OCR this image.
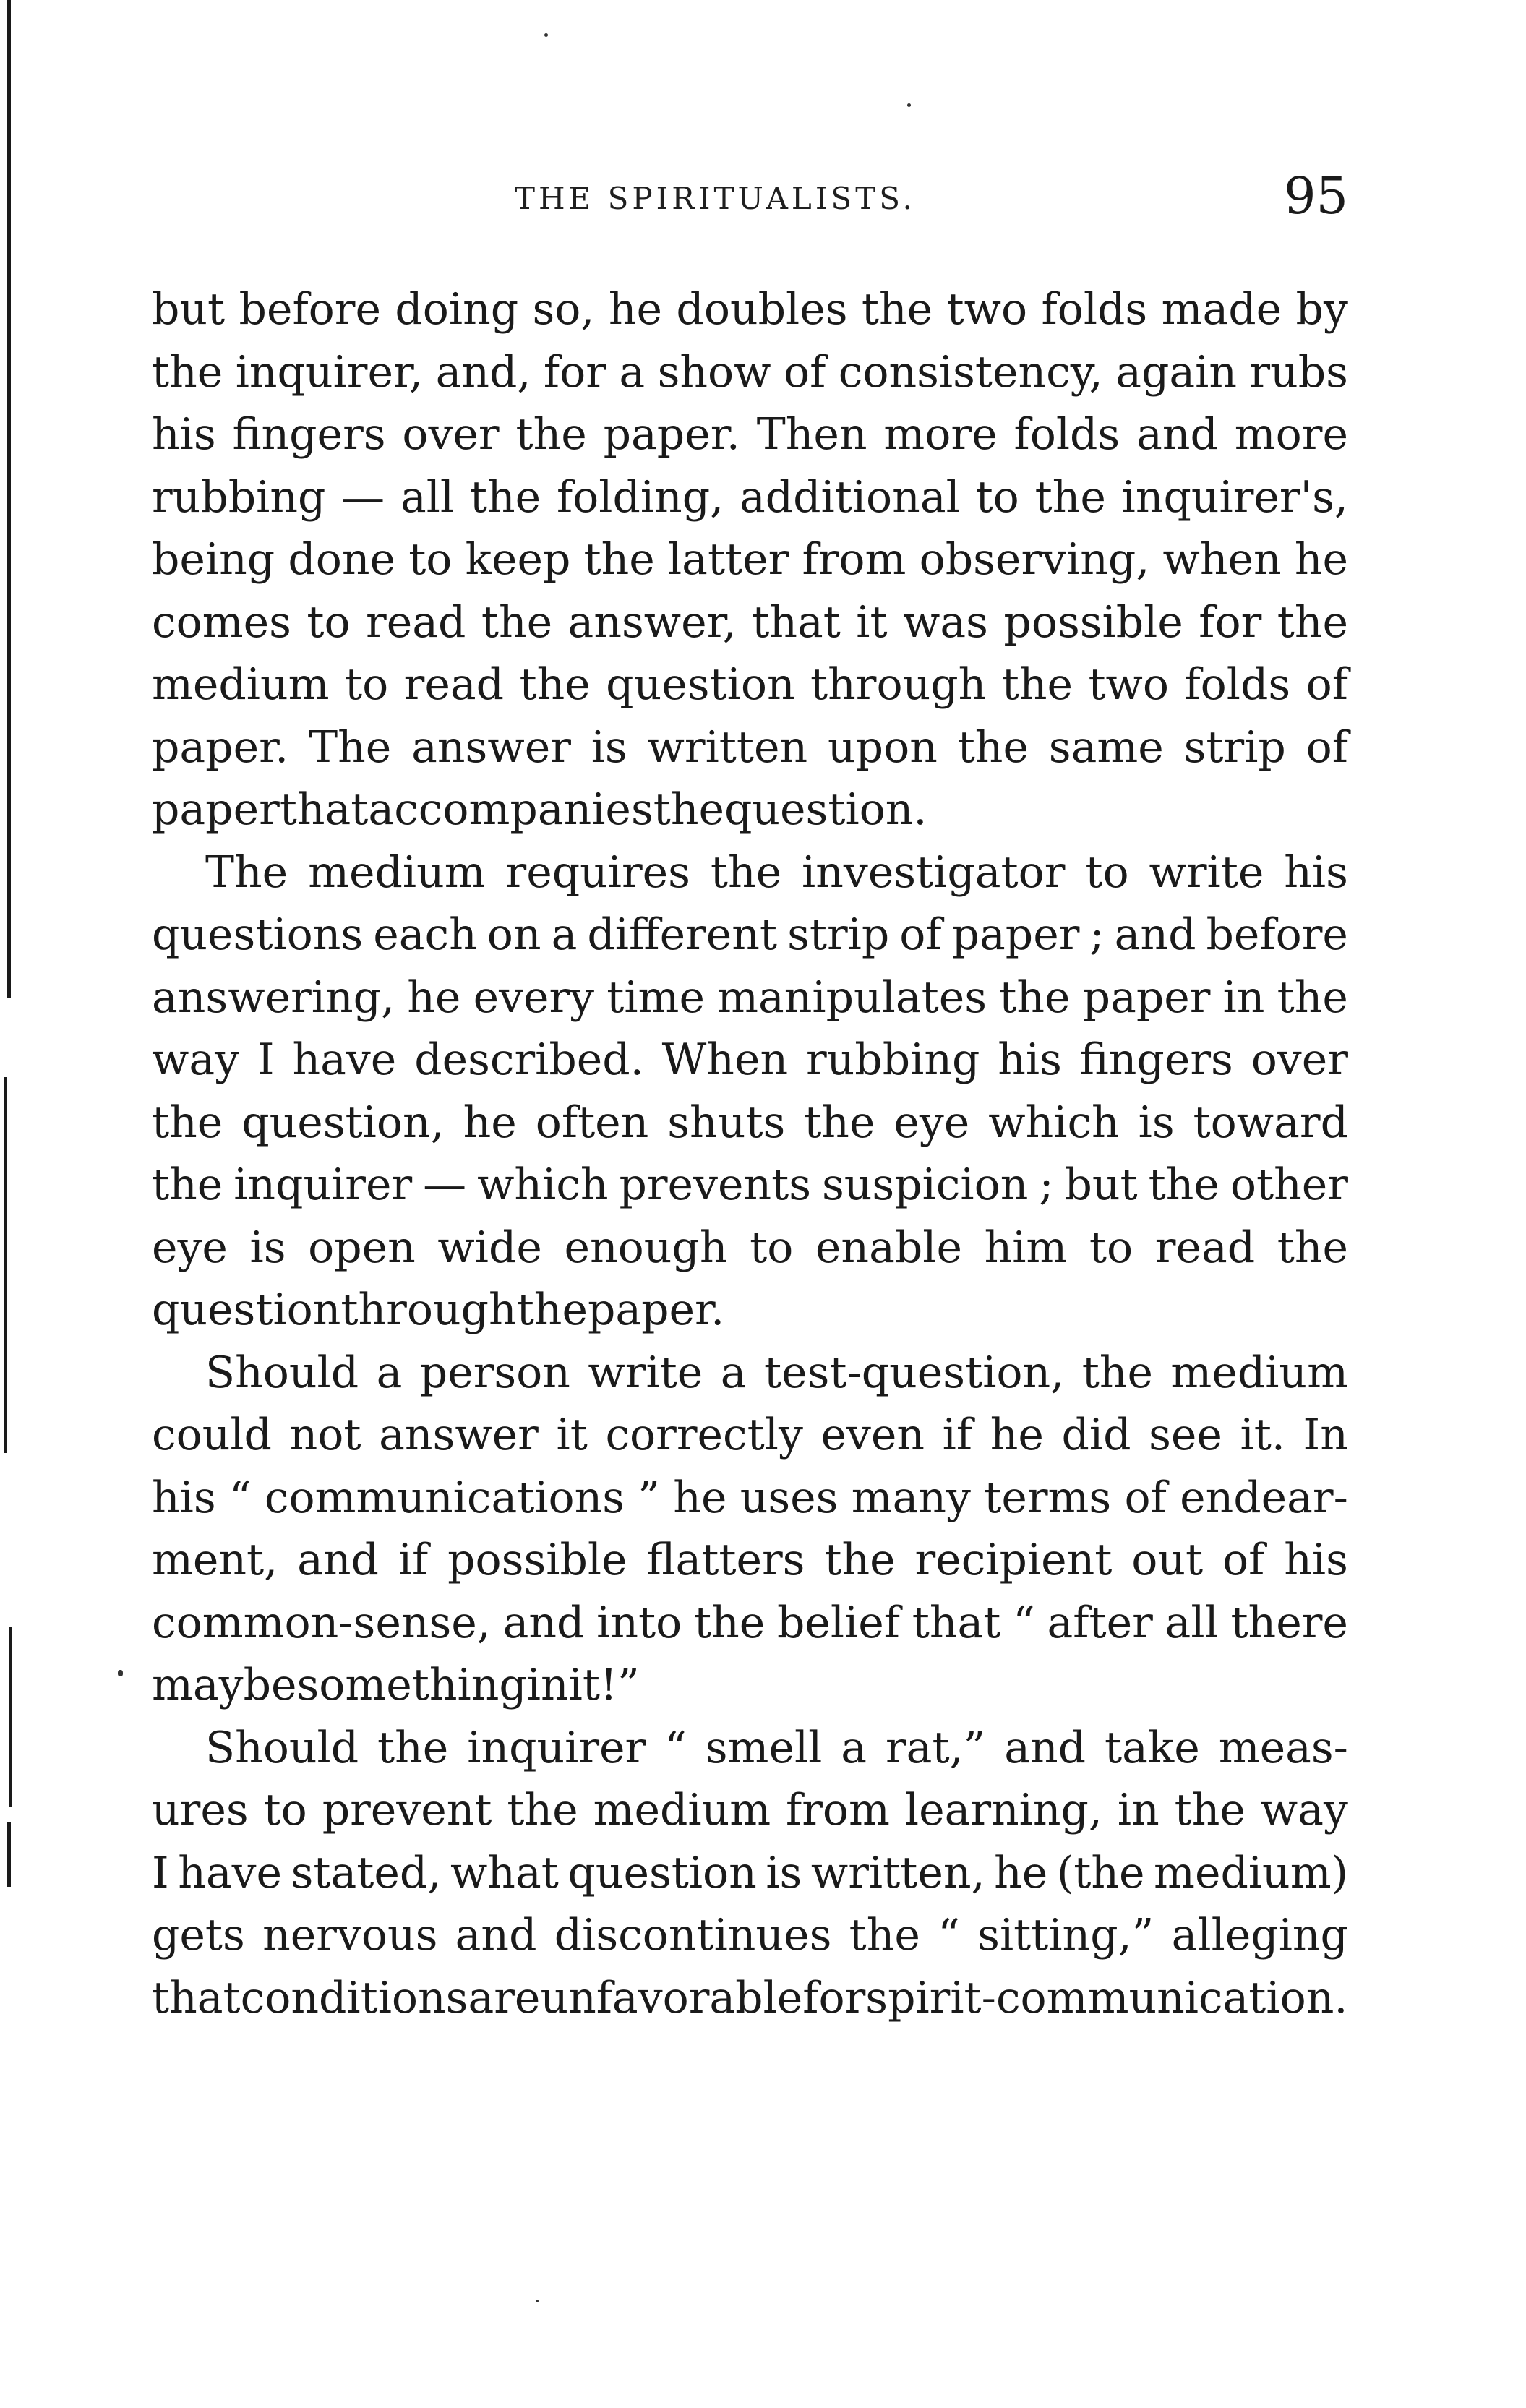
THE SPIRITUALISTS.	95
but before doing so, he doubles the two folds made by
the inquirer, and, for a show of consistency, again rubs
his fingers over the paper. Then more folds and more
rubbing — all the folding, additional to the inquirer's,
being done to keep the latter from observing, when he
comes to read the answer, that it was possible for the
medium to read the question through the two folds of
paper. The answer is written upon the same strip of
paper that accompanies the question.
The medium requires the investigator to write his
questions each on a different strip of paper ; and before
answering, he every time manipulates the paper in the
way I have described. When rubbing his fingers over
the question, he often shuts the eye which is toward
the inquirer — which prevents suspicion ; but the other
eye is open wide enough to enable him to read the
question through the paper.
Should a person write a test-question, the medium
could not answer it correctly even if he did see it. In
his “ communications ” he uses many terms of endear-
ment, and if possible flatters the recipient out of his
common-sense, and into the belief that “ after all there
may be something in it ! ”
Should the inquirer “ smell a rat,” and take meas-
ures to prevent the medium from learning, in the way
I have stated, what question is written, he (the medium)
gets nervous and discontinues the “ sitting,” alleging
that conditions are unfavorable for spirit-communication.
